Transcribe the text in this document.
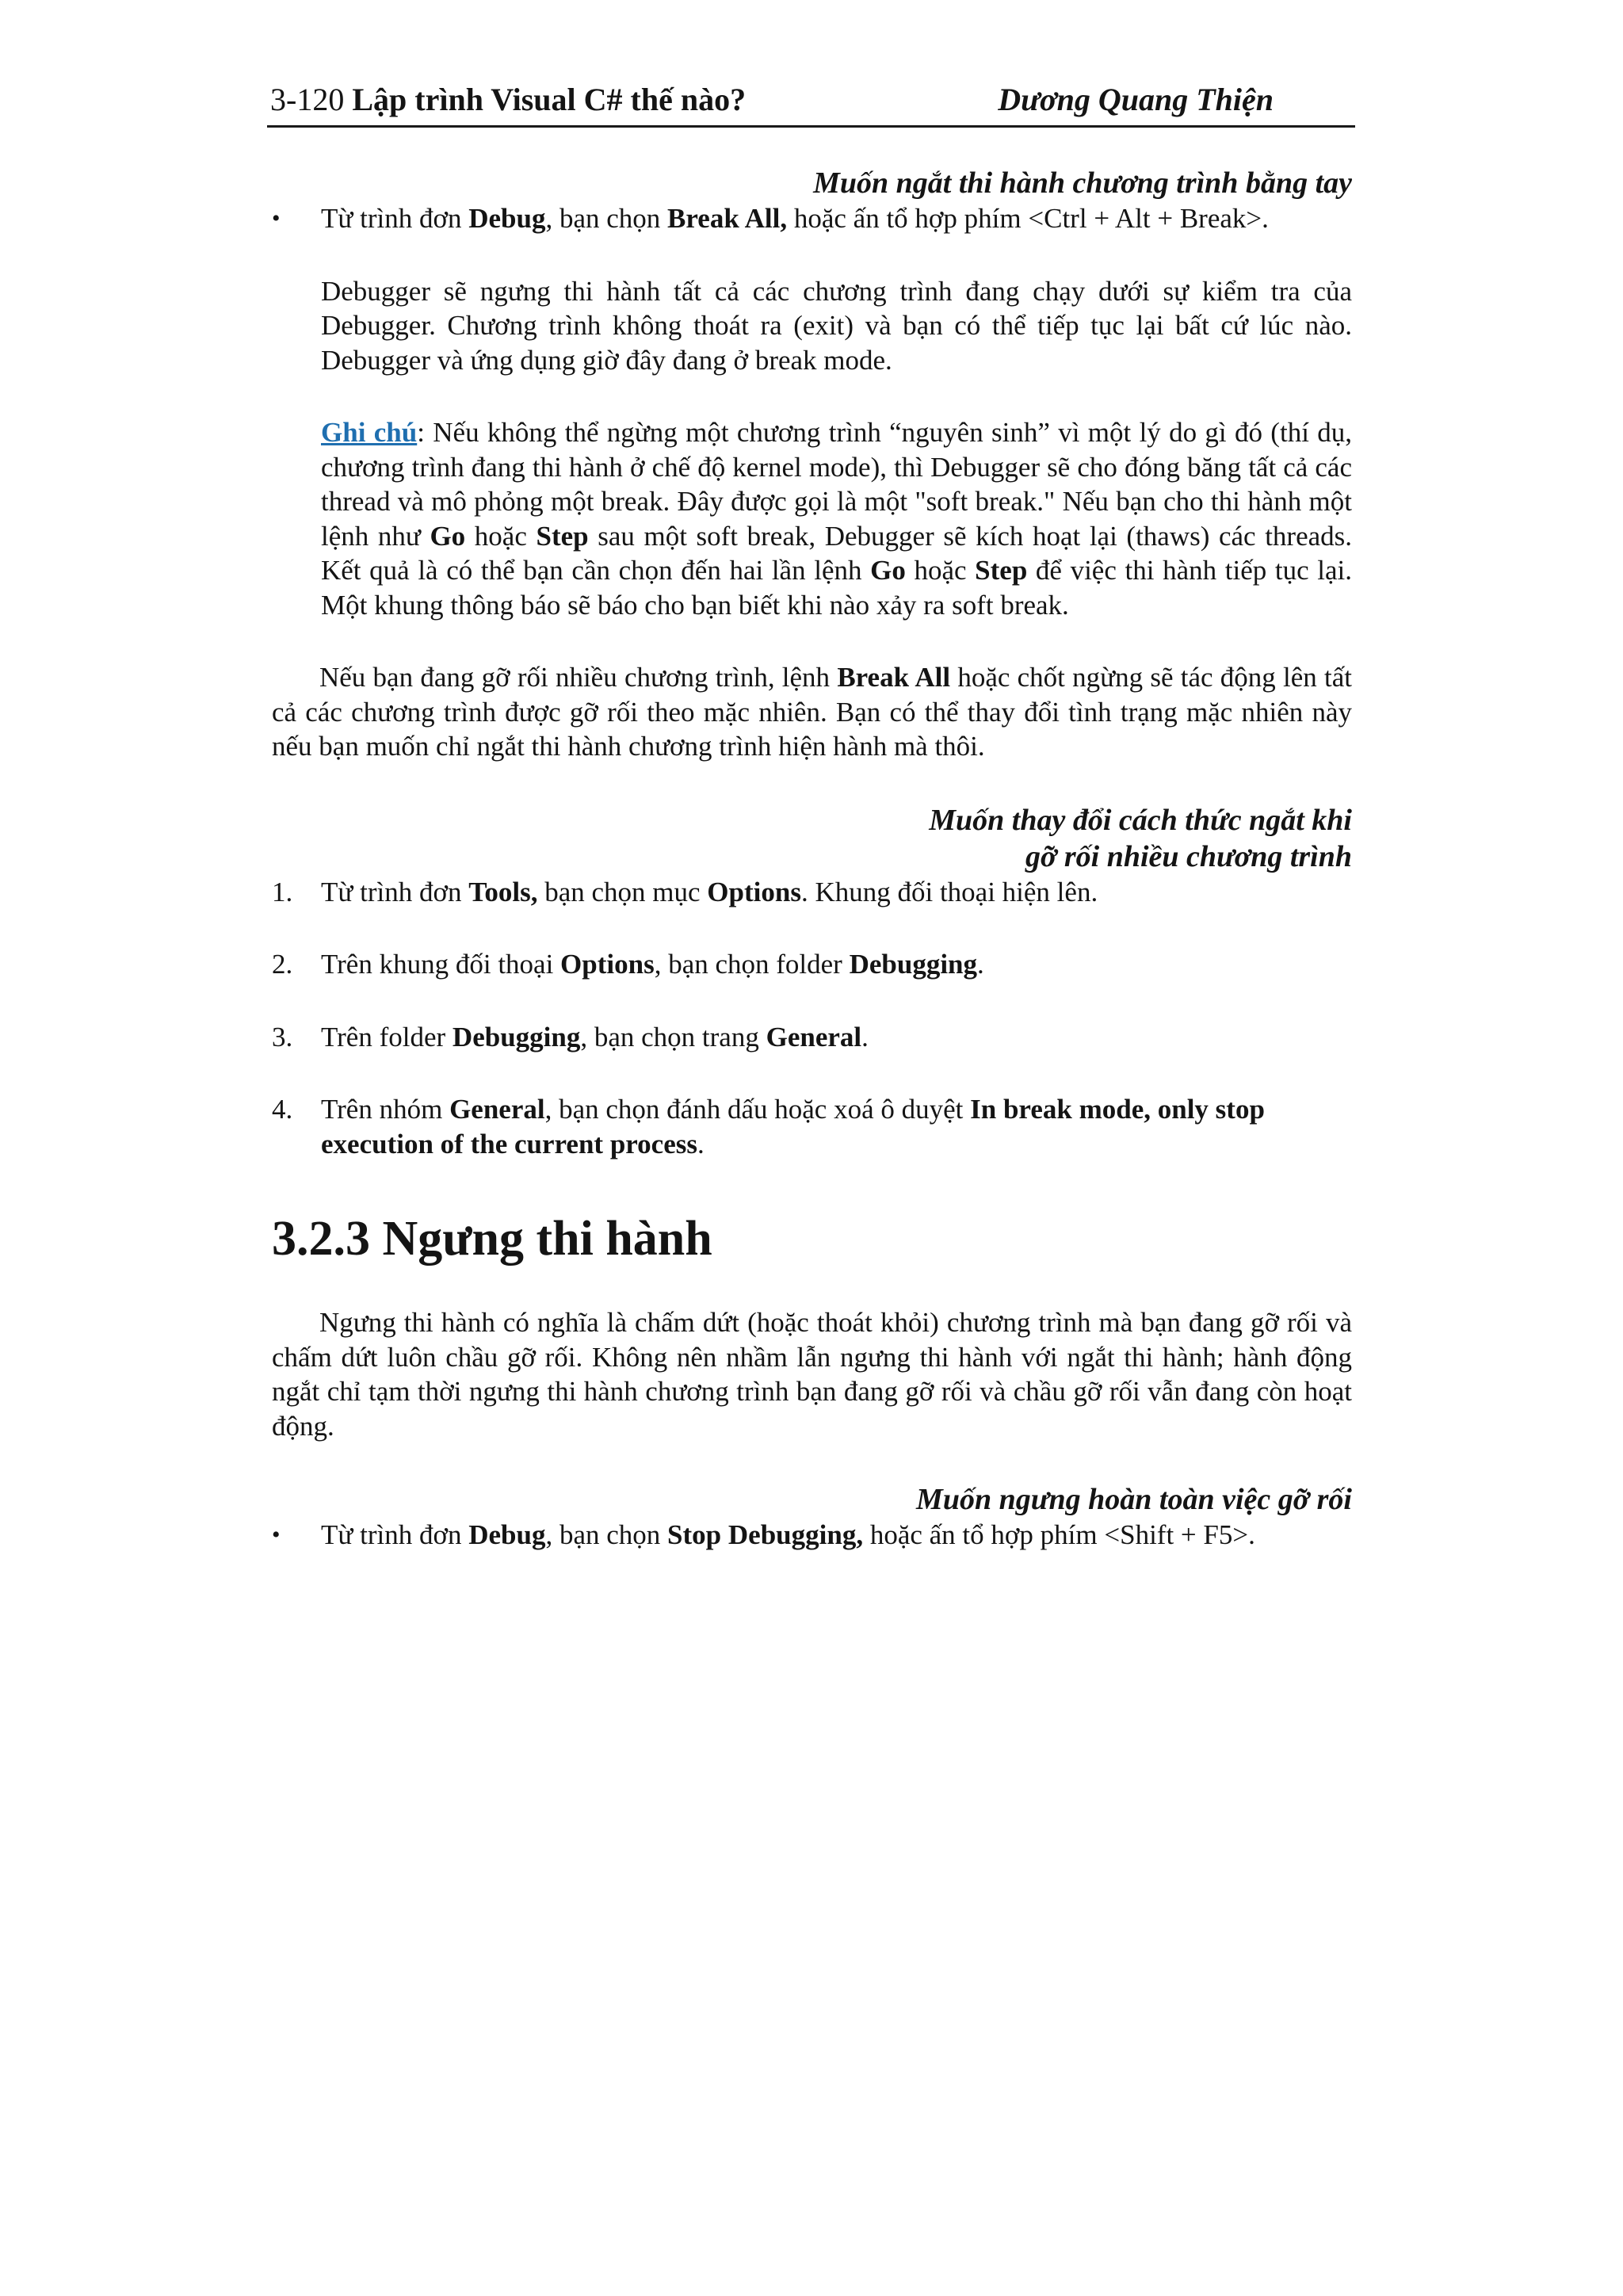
3-120 Lập trình Visual C# thế nào?	Dương Quang Thiện
Muốn ngắt thi hành chương trình bằng tay
• Từ trình đơn Debug, bạn chọn Break All, hoặc ấn tổ hợp phím <Ctrl + Alt + Break>.
Debugger sẽ ngưng thi hành tất cả các chương trình đang chạy dưới sự kiểm tra của Debugger. Chương trình không thoát ra (exit) và bạn có thể tiếp tục lại bất cứ lúc nào. Debugger và ứng dụng giờ đây đang ở break mode.
Ghi chú: Nếu không thể ngừng một chương trình “nguyên sinh” vì một lý do gì đó (thí dụ, chương trình đang thi hành ở chế độ kernel mode), thì Debugger sẽ cho đóng băng tất cả các thread và mô phỏng một break. Đây được gọi là một "soft break." Nếu bạn cho thi hành một lệnh như Go hoặc Step sau một soft break, Debugger sẽ kích hoạt lại (thaws) các threads. Kết quả là có thể bạn cần chọn đến hai lần lệnh Go hoặc Step để việc thi hành tiếp tục lại. Một khung thông báo sẽ báo cho bạn biết khi nào xảy ra soft break.
Nếu bạn đang gỡ rối nhiều chương trình, lệnh Break All hoặc chốt ngừng sẽ tác động lên tất cả các chương trình được gỡ rối theo mặc nhiên. Bạn có thể thay đổi tình trạng mặc nhiên này nếu bạn muốn chỉ ngắt thi hành chương trình hiện hành mà thôi.
Muốn thay đổi cách thức ngắt khi
gỡ rối nhiều chương trình
1. Từ trình đơn Tools, bạn chọn mục Options. Khung đối thoại hiện lên.
2. Trên khung đối thoại Options, bạn chọn folder Debugging.
3. Trên folder Debugging, bạn chọn trang General.
4. Trên nhóm General, bạn chọn đánh dấu hoặc xoá ô duyệt In break mode, only stop execution of the current process.
3.2.3 Ngưng thi hành
Ngưng thi hành có nghĩa là chấm dứt (hoặc thoát khỏi) chương trình mà bạn đang gỡ rối và chấm dứt luôn chầu gỡ rối. Không nên nhầm lẫn ngưng thi hành với ngắt thi hành; hành động ngắt chỉ tạm thời ngưng thi hành chương trình bạn đang gỡ rối và chầu gỡ rối vẫn đang còn hoạt động.
Muốn ngưng hoàn toàn việc gỡ rối
• Từ trình đơn Debug, bạn chọn Stop Debugging, hoặc ấn tổ hợp phím <Shift + F5>.
